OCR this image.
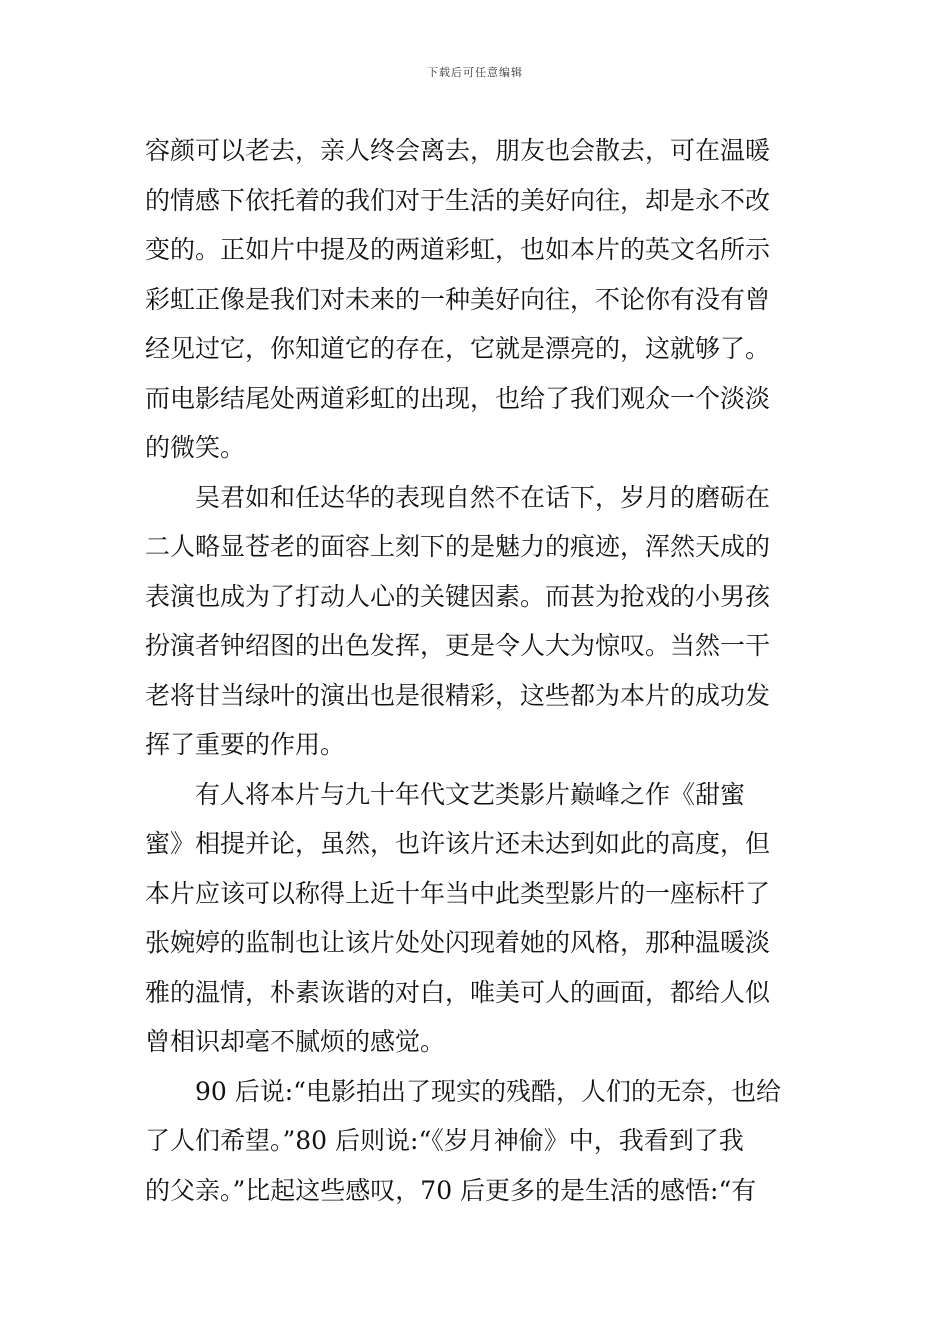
下载后可任意编辑

容颜可以老去，亲人终会离去，朋友也会散去，可在温暖
的情感下依托着的我们对于生活的美好向往，却是永不改
变的。正如片中提及的两道彩虹，也如本片的英文名所示
彩虹正像是我们对未来的一种美好向往，不论你有没有曾
经见过它，你知道它的存在，它就是漂亮的，这就够了。
而电影结尾处两道彩虹的出现，也给了我们观众一个淡淡
的微笑。

吴君如和任达华的表现自然不在话下，岁月的磨砺在
二人略显苍老的面容上刻下的是魅力的痕迹，浑然天成的
表演也成为了打动人心的关键因素。而甚为抢戏的小男孩
扮演者钟绍图的出色发挥，更是令人大为惊叹。当然一干
老将甘当绿叶的演出也是很精彩，这些都为本片的成功发
挥了重要的作用。

有人将本片与九十年代文艺类影片巅峰之作《甜蜜
蜜》相提并论，虽然，也许该片还未达到如此的高度，但
本片应该可以称得上近十年当中此类型影片的一座标杆了
张婉婷的监制也让该片处处闪现着她的风格，那种温暖淡
雅的温情，朴素诙谐的对白，唯美可人的画面，都给人似
曾相识却毫不腻烦的感觉。

90 后说:“电影拍出了现实的残酷，人们的无奈，也给
了人们希望。”80 后则说:“《岁月神偷》中，我看到了我
的父亲。”比起这些感叹，70 后更多的是生活的感悟:“有
